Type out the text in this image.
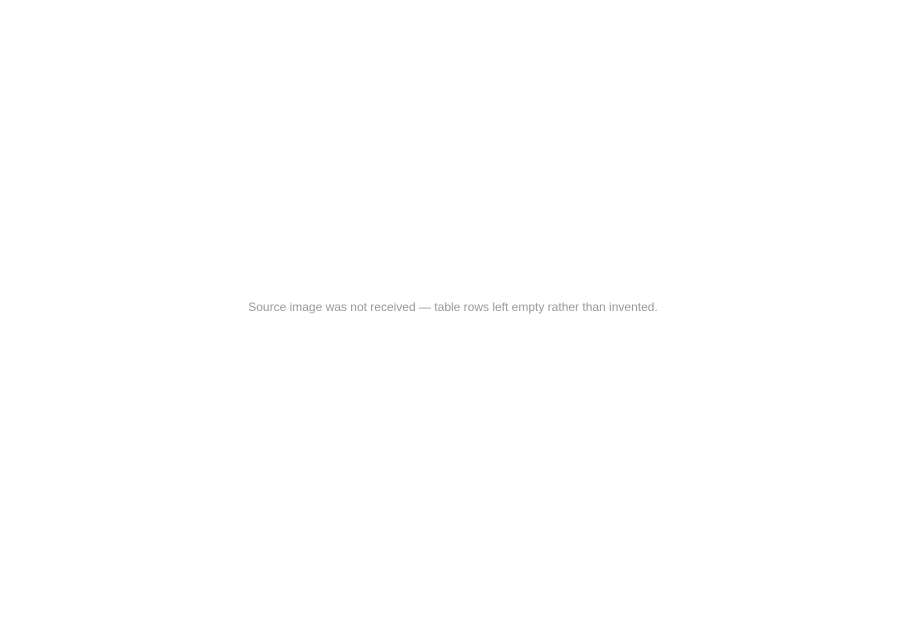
Source image was not received — table rows left empty rather than invented.
